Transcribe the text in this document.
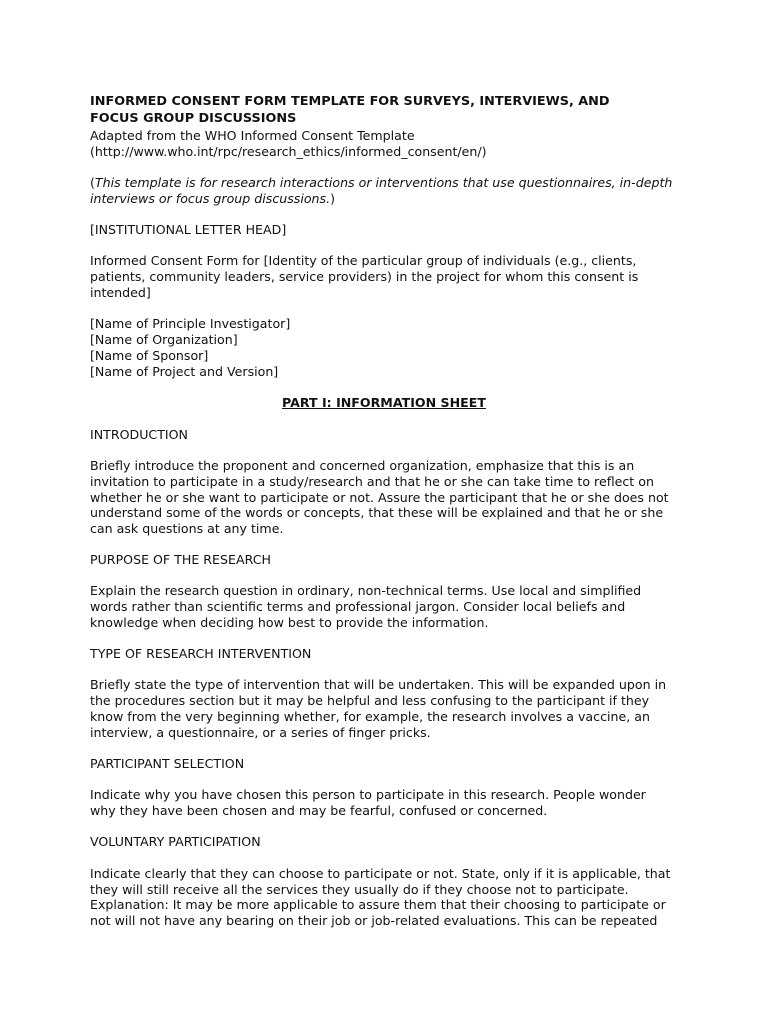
INFORMED CONSENT FORM TEMPLATE FOR SURVEYS, INTERVIEWS, AND
FOCUS GROUP DISCUSSIONS
Adapted from the WHO Informed Consent Template
(http://www.who.int/rpc/research_ethics/informed_consent/en/)
(This template is for research interactions or interventions that use questionnaires, in-depth
interviews or focus group discussions.)
[INSTITUTIONAL LETTER HEAD]
Informed Consent Form for [Identity of the particular group of individuals (e.g., clients,
patients, community leaders, service providers) in the project for whom this consent is
intended]
[Name of Principle Investigator]
[Name of Organization]
[Name of Sponsor]
[Name of Project and Version]
PART I: INFORMATION SHEET
INTRODUCTION
Briefly introduce the proponent and concerned organization, emphasize that this is an
invitation to participate in a study/research and that he or she can take time to reflect on
whether he or she want to participate or not. Assure the participant that he or she does not
understand some of the words or concepts, that these will be explained and that he or she
can ask questions at any time.
PURPOSE OF THE RESEARCH
Explain the research question in ordinary, non-technical terms. Use local and simplified
words rather than scientific terms and professional jargon. Consider local beliefs and
knowledge when deciding how best to provide the information.
TYPE OF RESEARCH INTERVENTION
Briefly state the type of intervention that will be undertaken. This will be expanded upon in
the procedures section but it may be helpful and less confusing to the participant if they
know from the very beginning whether, for example, the research involves a vaccine, an
interview, a questionnaire, or a series of finger pricks.
PARTICIPANT SELECTION
Indicate why you have chosen this person to participate in this research. People wonder
why they have been chosen and may be fearful, confused or concerned.
VOLUNTARY PARTICIPATION
Indicate clearly that they can choose to participate or not. State, only if it is applicable, that
they will still receive all the services they usually do if they choose not to participate.
Explanation: It may be more applicable to assure them that their choosing to participate or
not will not have any bearing on their job or job-related evaluations. This can be repeated
